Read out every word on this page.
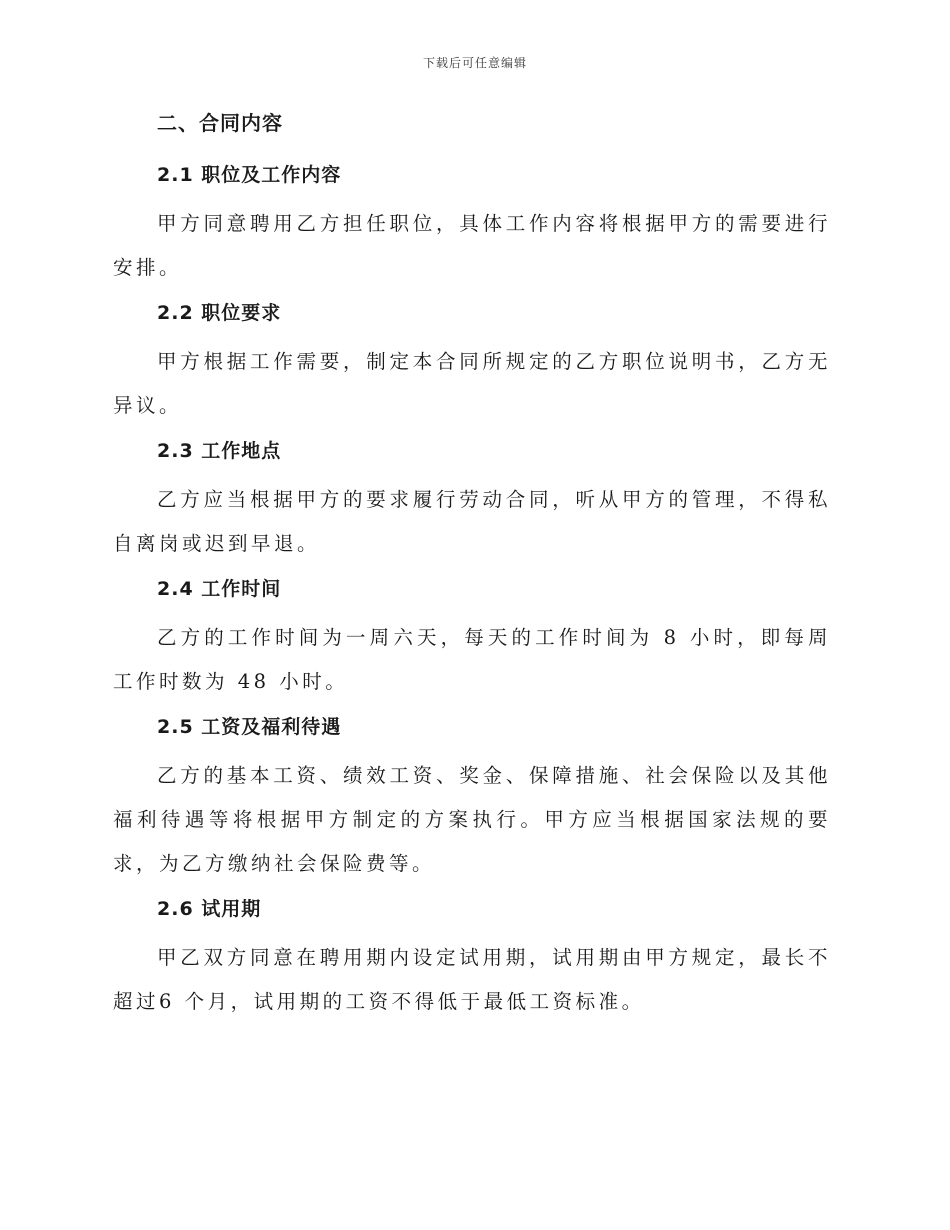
下载后可任意编辑
二、合同内容
2.1 职位及工作内容

甲方同意聘用乙方担任职位，具体工作内容将根据甲方的需要进行安排。

2.2 职位要求

甲方根据工作需要，制定本合同所规定的乙方职位说明书，乙方无异议。

2.3 工作地点

乙方应当根据甲方的要求履行劳动合同，听从甲方的管理，不得私自离岗或迟到早退。

2.4 工作时间

乙方的工作时间为一周六天，每天的工作时间为 8 小时，即每周工作时数为 48 小时。

2.5 工资及福利待遇

乙方的基本工资、绩效工资、奖金、保障措施、社会保险以及其他福利待遇等将根据甲方制定的方案执行。甲方应当根据国家法规的要求，为乙方缴纳社会保险费等。

2.6 试用期

甲乙双方同意在聘用期内设定试用期，试用期由甲方规定，最长不超过6 个月，试用期的工资不得低于最低工资标准。
